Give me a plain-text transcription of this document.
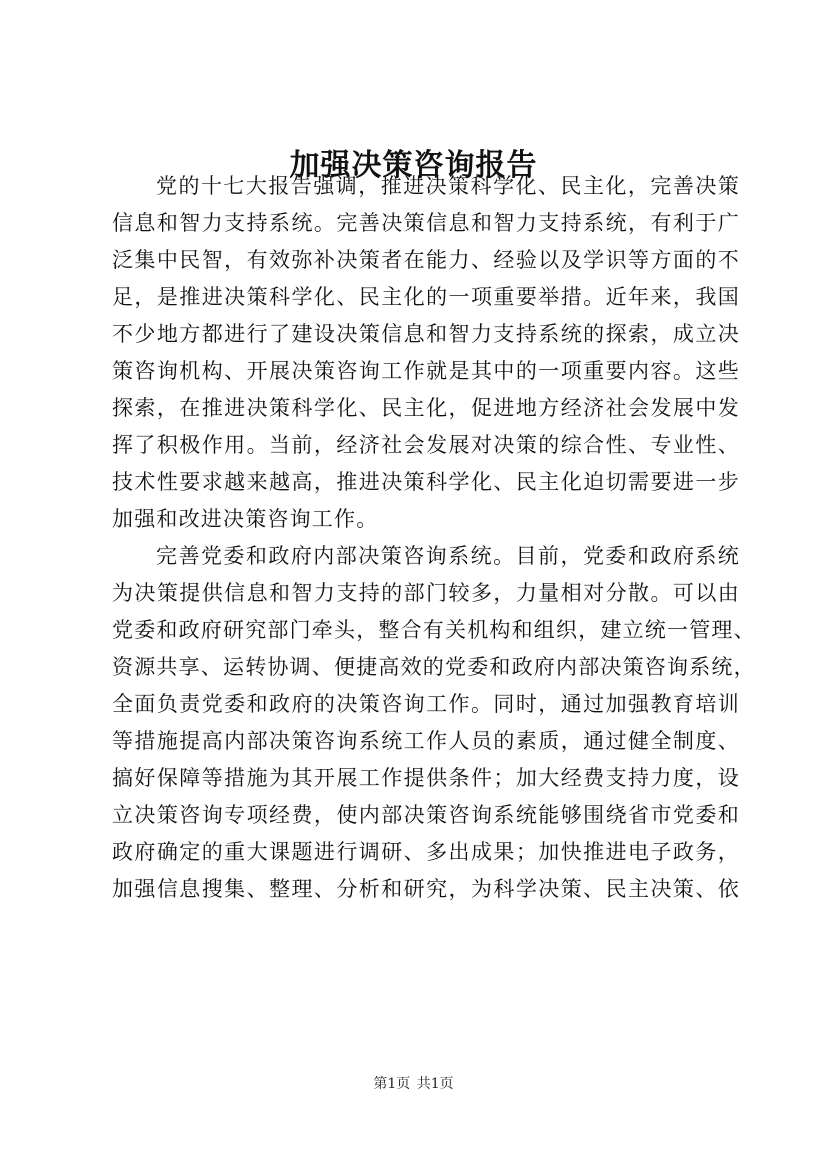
加强决策咨询报告
党的十七大报告强调，推进决策科学化、民主化，完善决策
信息和智力支持系统。完善决策信息和智力支持系统，有利于广
泛集中民智，有效弥补决策者在能力、经验以及学识等方面的不
足，是推进决策科学化、民主化的一项重要举措。近年来，我国
不少地方都进行了建设决策信息和智力支持系统的探索，成立决
策咨询机构、开展决策咨询工作就是其中的一项重要内容。这些
探索，在推进决策科学化、民主化，促进地方经济社会发展中发
挥了积极作用。当前，经济社会发展对决策的综合性、专业性、
技术性要求越来越高，推进决策科学化、民主化迫切需要进一步
加强和改进决策咨询工作。
完善党委和政府内部决策咨询系统。目前，党委和政府系统
为决策提供信息和智力支持的部门较多，力量相对分散。可以由
党委和政府研究部门牵头，整合有关机构和组织，建立统一管理、
资源共享、运转协调、便捷高效的党委和政府内部决策咨询系统，
全面负责党委和政府的决策咨询工作。同时，通过加强教育培训
等措施提高内部决策咨询系统工作人员的素质，通过健全制度、
搞好保障等措施为其开展工作提供条件；加大经费支持力度，设
立决策咨询专项经费，使内部决策咨询系统能够围绕省市党委和
政府确定的重大课题进行调研、多出成果；加快推进电子政务，
加强信息搜集、整理、分析和研究，为科学决策、民主决策、依
第1页 共1页
